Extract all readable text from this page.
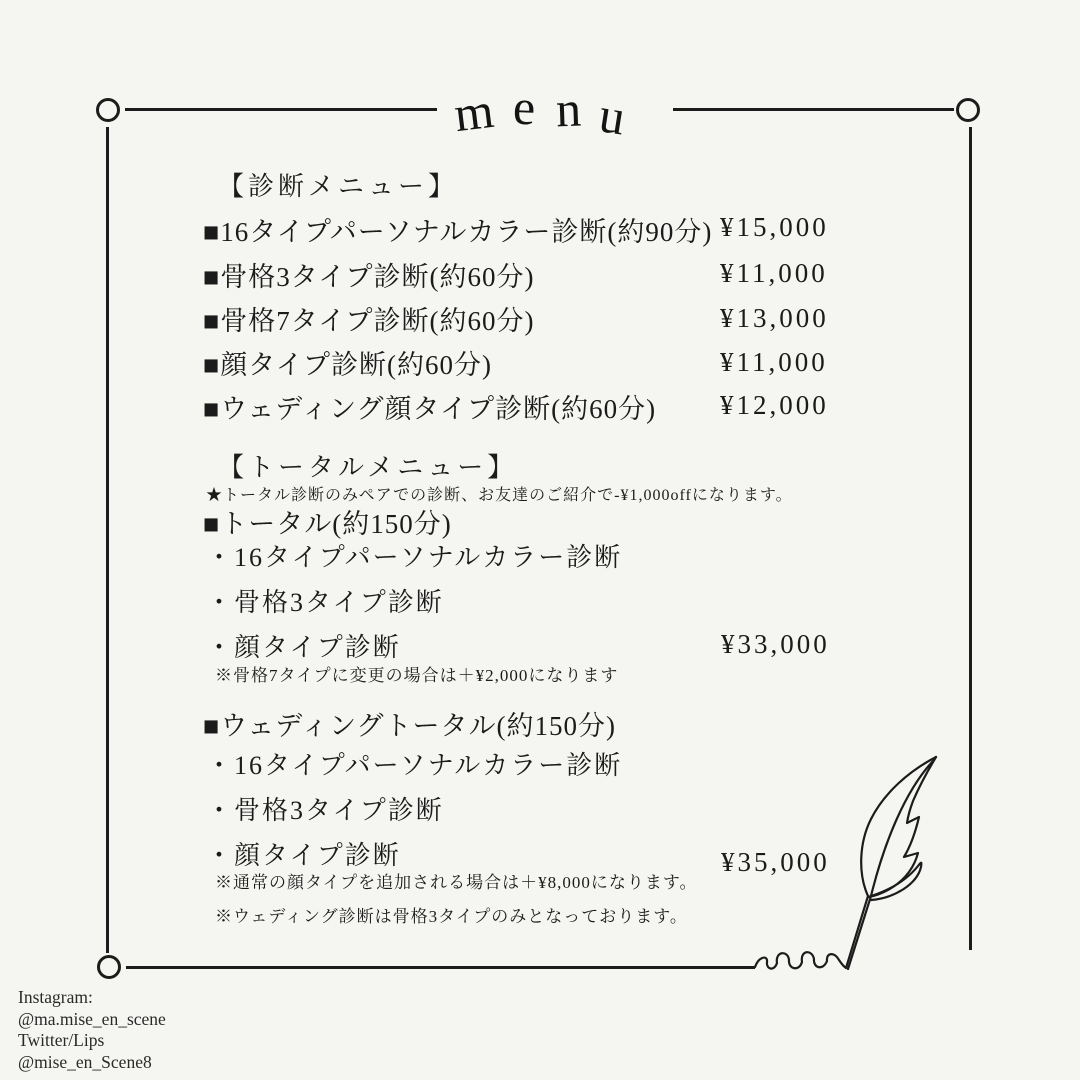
m e n u
【診断メニュー】
■16タイプパーソナルカラー診断(約90分) ¥15,000
■骨格3タイプ診断(約60分)	¥11,000
■骨格7タイプ診断(約60分)	¥13,000
■顔タイプ診断(約60分)	¥11,000
■ウェディング顔タイプ診断(約60分) ¥12,000
【トータルメニュー】
★トータル診断のみペアでの診断、お友達のご紹介で-¥1,000offになります。
■トータル(約150分)
・16タイプパーソナルカラー診断
・骨格3タイプ診断
・顔タイプ診断	¥33,000
※骨格7タイプに変更の場合は＋¥2,000になります
■ウェディングトータル(約150分)
・16タイプパーソナルカラー診断
・骨格3タイプ診断
・顔タイプ診断	¥35,000
※通常の顔タイプを追加される場合は＋¥8,000になります。
※ウェディング診断は骨格3タイプのみとなっております。
Instagram:
@ma.mise_en_scene
Twitter/Lips
@mise_en_Scene8
